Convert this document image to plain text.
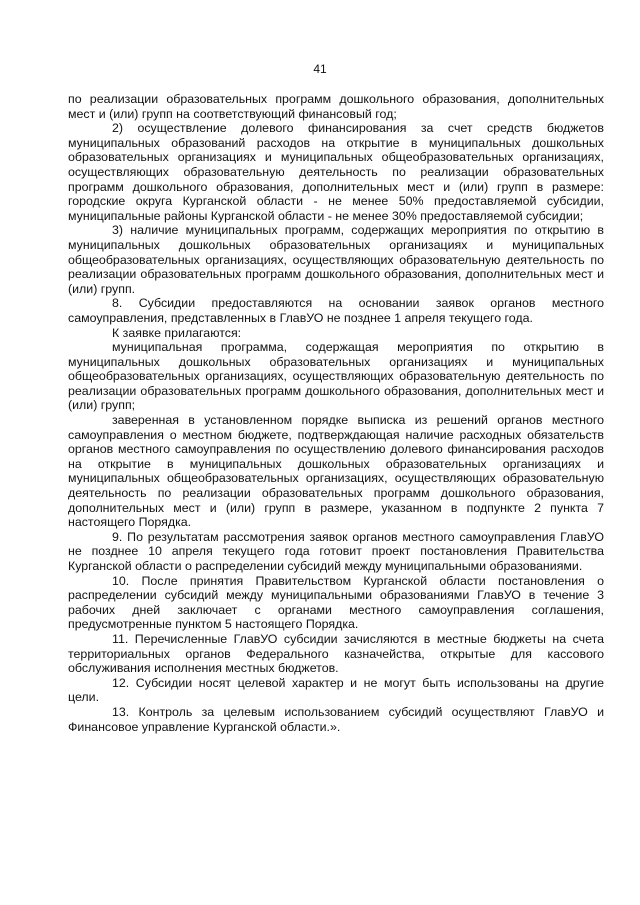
41

по реализации образовательных программ дошкольного образования, дополнительных мест и (или) групп на соответствующий финансовый год;

2) осуществление долевого финансирования за счет средств бюджетов муниципальных образований расходов на открытие в муниципальных дошкольных образовательных организациях и муниципальных общеобразовательных организациях, осуществляющих образовательную деятельность по реализации образовательных программ дошкольного образования, дополнительных мест и (или) групп в размере: городские округа Курганской области - не менее 50% предоставляемой субсидии, муниципальные районы Курганской области - не менее 30% предоставляемой субсидии;

3) наличие муниципальных программ, содержащих мероприятия по открытию в муниципальных дошкольных образовательных организациях и муниципальных общеобразовательных организациях, осуществляющих образовательную деятельность по реализации образовательных программ дошкольного образования, дополнительных мест и (или) групп.

8. Субсидии предоставляются на основании заявок органов местного самоуправления, представленных в ГлавУО не позднее 1 апреля текущего года.

К заявке прилагаются:

муниципальная программа, содержащая мероприятия по открытию в муниципальных дошкольных образовательных организациях и муниципальных общеобразовательных организациях, осуществляющих образовательную деятельность по реализации образовательных программ дошкольного образования, дополнительных мест и (или) групп;

заверенная в установленном порядке выписка из решений органов местного самоуправления о местном бюджете, подтверждающая наличие расходных обязательств органов местного самоуправления по осуществлению долевого финансирования расходов на открытие в муниципальных дошкольных образовательных организациях и муниципальных общеобразовательных организациях, осуществляющих образовательную деятельность по реализации образовательных программ дошкольного образования, дополнительных мест и (или) групп в размере, указанном в подпункте 2 пункта 7 настоящего Порядка.

9. По результатам рассмотрения заявок органов местного самоуправления ГлавУО не позднее 10 апреля текущего года готовит проект постановления Правительства Курганской области о распределении субсидий между муниципальными образованиями.

10. После принятия Правительством Курганской области постановления о распределении субсидий между муниципальными образованиями ГлавУО в течение 3 рабочих дней заключает с органами местного самоуправления соглашения, предусмотренные пунктом 5 настоящего Порядка.

11. Перечисленные ГлавУО субсидии зачисляются в местные бюджеты на счета территориальных органов Федерального казначейства, открытые для кассового обслуживания исполнения местных бюджетов.

12. Субсидии носят целевой характер и не могут быть использованы на другие цели.

13. Контроль за целевым использованием субсидий осуществляют ГлавУО и Финансовое управление Курганской области.».
